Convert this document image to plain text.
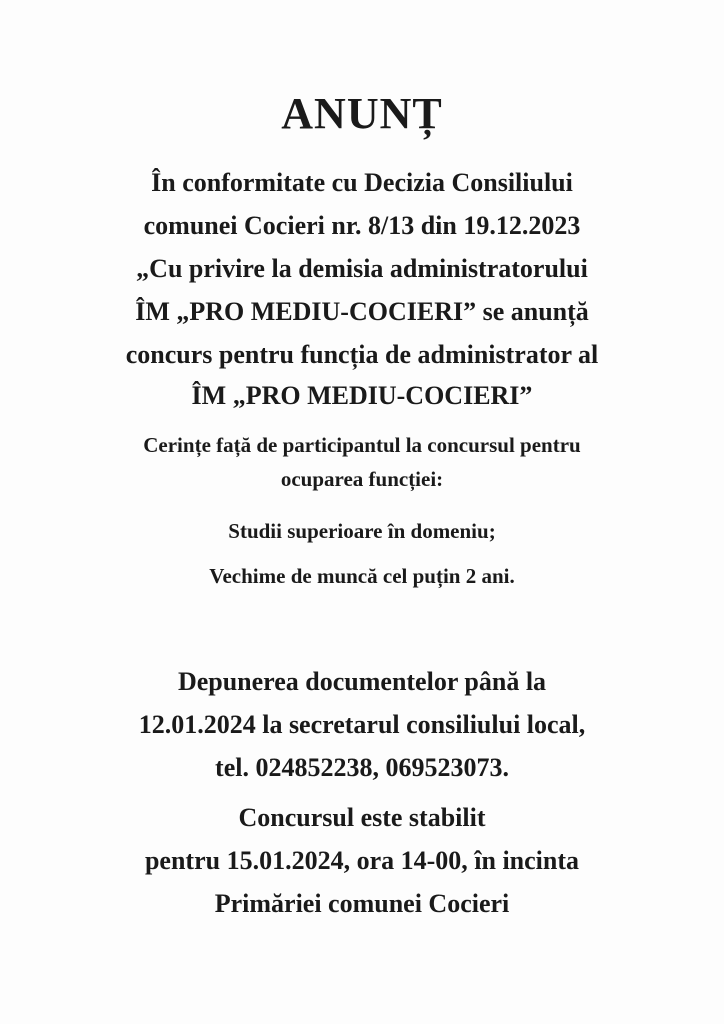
ANUNȚ
În conformitate cu Decizia Consiliului
comunei Cocieri nr. 8/13 din 19.12.2023
„Cu privire la demisia administratorului
ÎM „PRO MEDIU-COCIERI” se anunță
concurs pentru funcția de administrator al
ÎM „PRO MEDIU-COCIERI”
Cerințe față de participantul la concursul pentru
ocuparea funcției:
Studii superioare în domeniu;
Vechime de muncă cel puțin 2 ani.
Depunerea documentelor până la
12.01.2024 la secretarul consiliului local,
tel. 024852238, 069523073.
Concursul este stabilit
pentru 15.01.2024, ora 14-00, în incinta
Primăriei comunei Cocieri
